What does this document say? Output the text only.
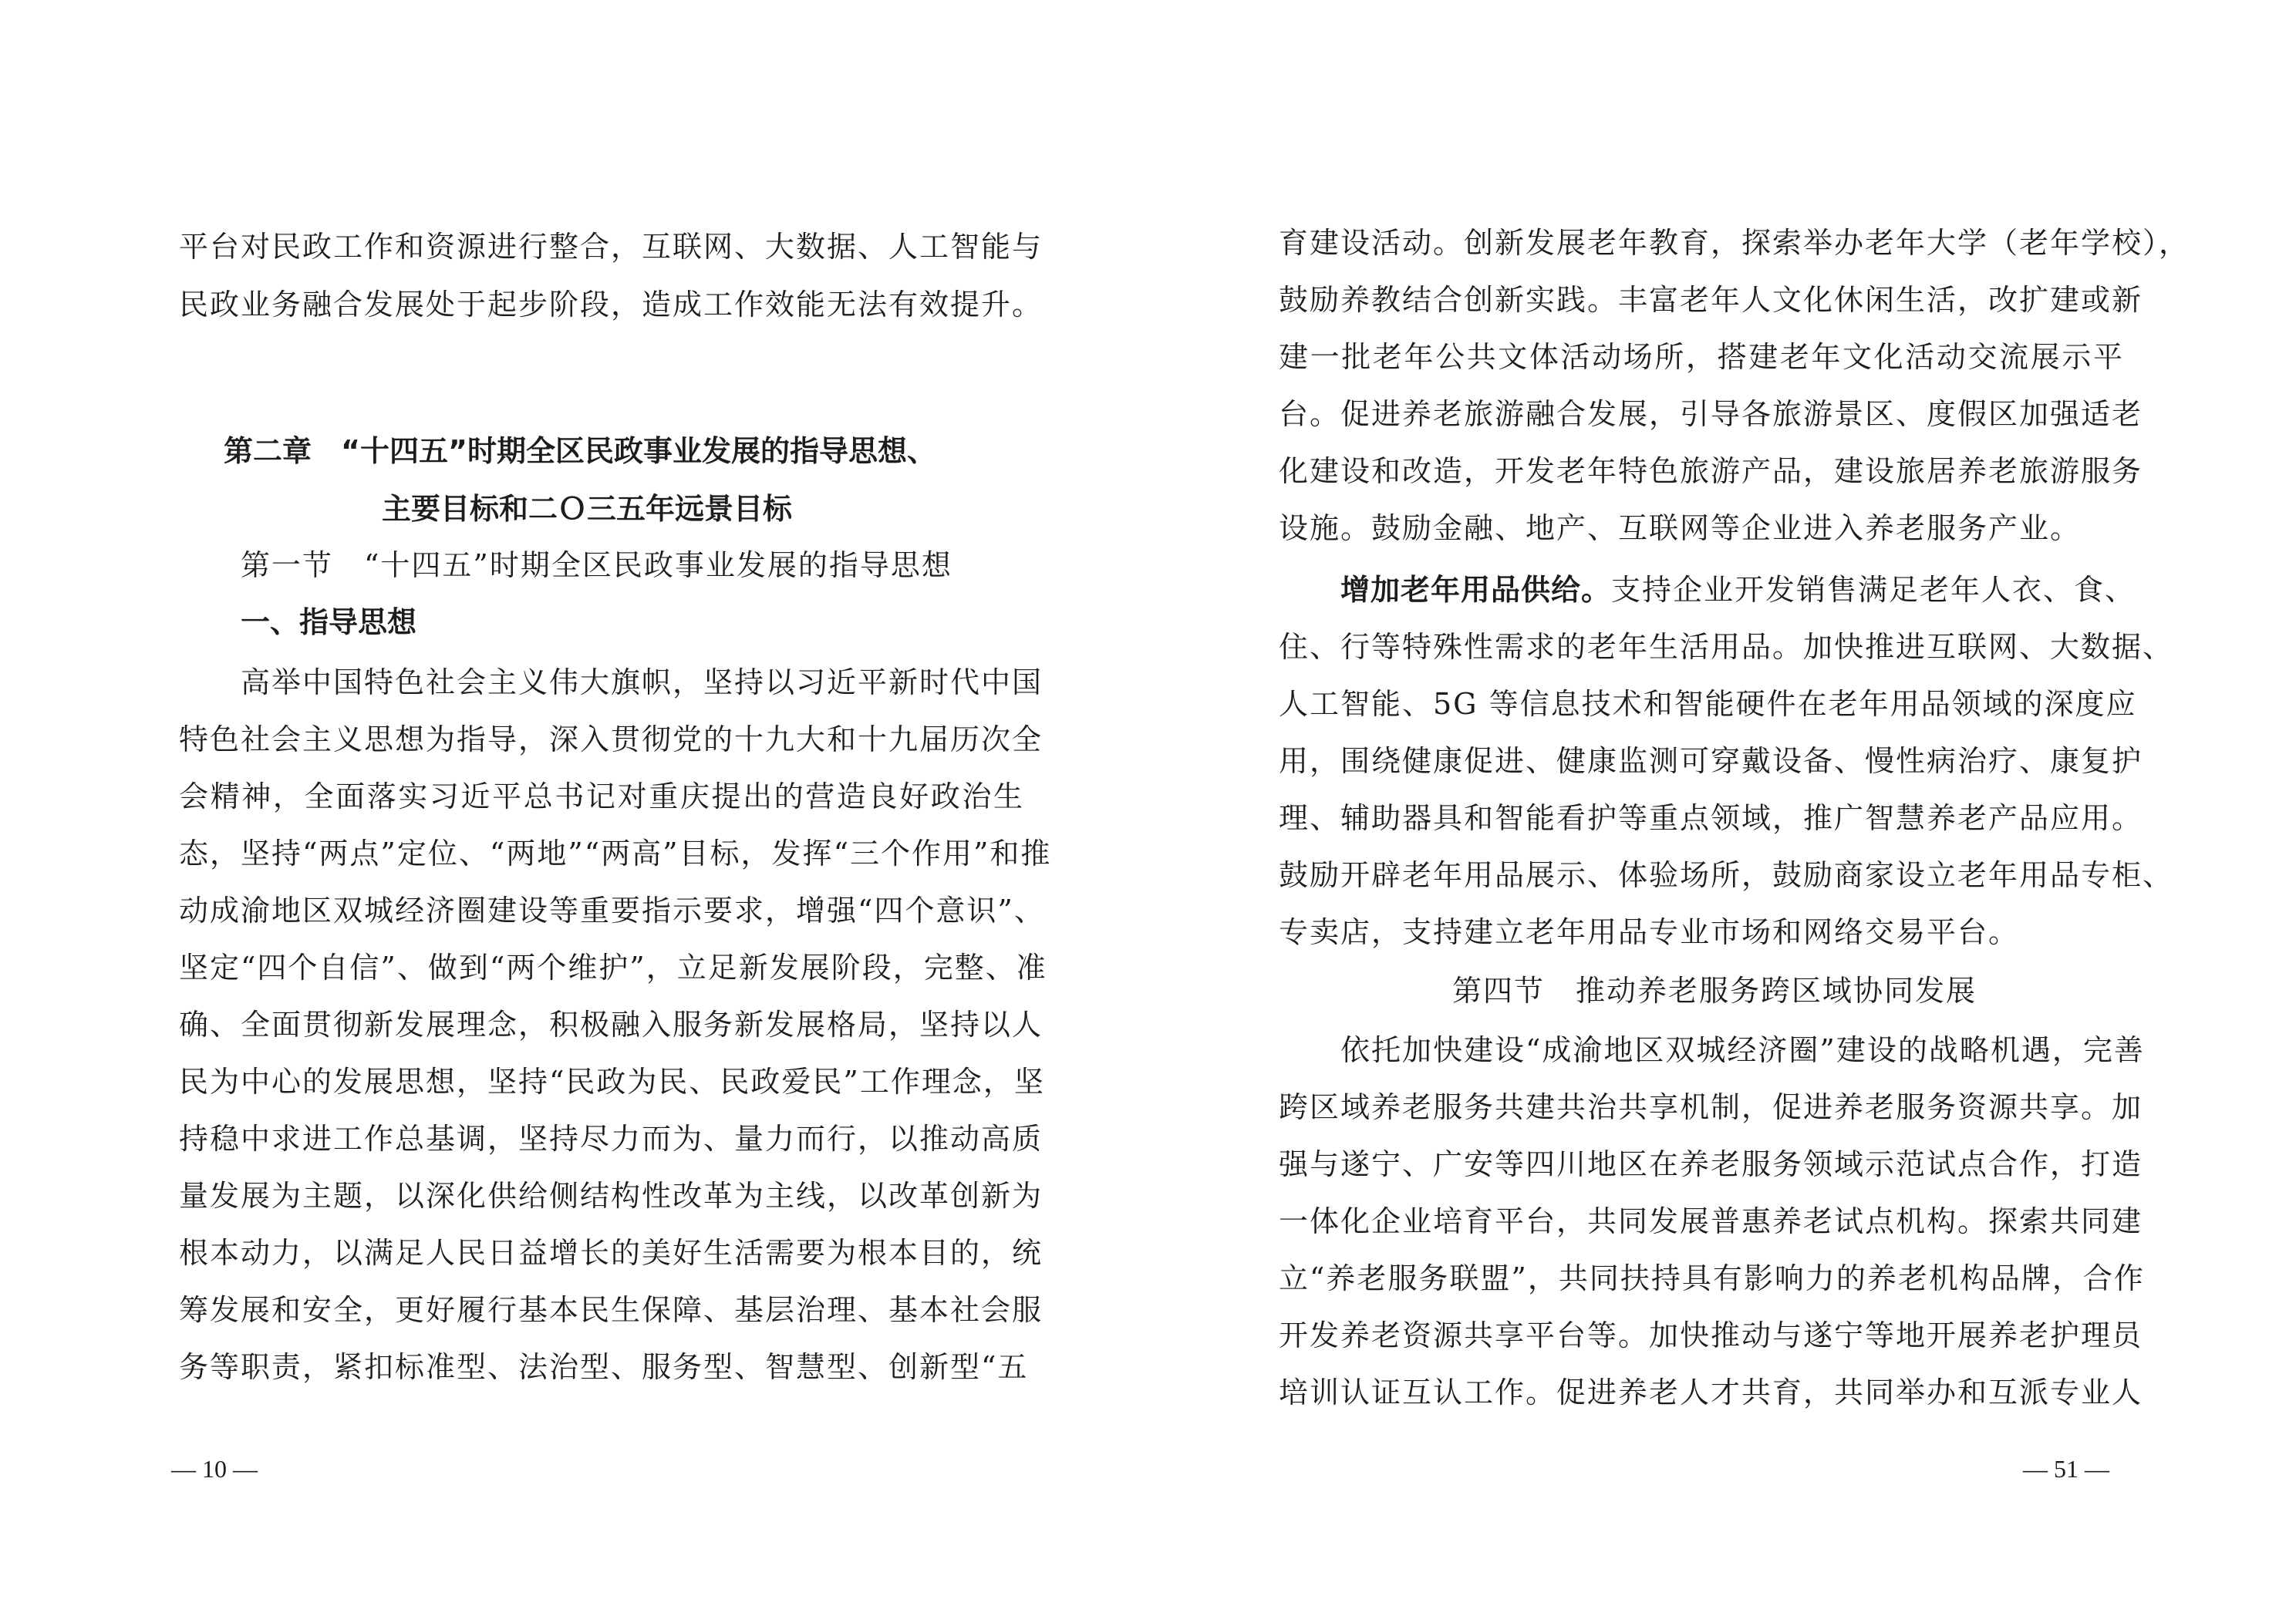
平台对民政工作和资源进行整合，互联网、大数据、人工智能与
民政业务融合发展处于起步阶段，造成工作效能无法有效提升。
第二章　“十四五”时期全区民政事业发展的指导思想、
主要目标和二Ｏ三五年远景目标
第一节　“十四五”时期全区民政事业发展的指导思想
一、指导思想
高举中国特色社会主义伟大旗帜，坚持以习近平新时代中国
特色社会主义思想为指导，深入贯彻党的十九大和十九届历次全
会精神，全面落实习近平总书记对重庆提出的营造良好政治生
态，坚持“两点”定位、“两地”“两高”目标，发挥“三个作用”和推
动成渝地区双城经济圈建设等重要指示要求，增强“四个意识”、
坚定“四个自信”、做到“两个维护”，立足新发展阶段，完整、准
确、全面贯彻新发展理念，积极融入服务新发展格局，坚持以人
民为中心的发展思想，坚持“民政为民、民政爱民”工作理念，坚
持稳中求进工作总基调，坚持尽力而为、量力而行，以推动高质
量发展为主题，以深化供给侧结构性改革为主线，以改革创新为
根本动力，以满足人民日益增长的美好生活需要为根本目的，统
筹发展和安全，更好履行基本民生保障、基层治理、基本社会服
务等职责，紧扣标准型、法治型、服务型、智慧型、创新型“五
— 10 —
育建设活动。创新发展老年教育，探索举办老年大学（老年学校），
鼓励养教结合创新实践。丰富老年人文化休闲生活，改扩建或新
建一批老年公共文体活动场所，搭建老年文化活动交流展示平
台。促进养老旅游融合发展，引导各旅游景区、度假区加强适老
化建设和改造，开发老年特色旅游产品，建设旅居养老旅游服务
设施。鼓励金融、地产、互联网等企业进入养老服务产业。
增加老年用品供给。支持企业开发销售满足老年人衣、食、
住、行等特殊性需求的老年生活用品。加快推进互联网、大数据、
人工智能、5G 等信息技术和智能硬件在老年用品领域的深度应
用，围绕健康促进、健康监测可穿戴设备、慢性病治疗、康复护
理、辅助器具和智能看护等重点领域，推广智慧养老产品应用。
鼓励开辟老年用品展示、体验场所，鼓励商家设立老年用品专柜、
专卖店，支持建立老年用品专业市场和网络交易平台。
第四节　推动养老服务跨区域协同发展
依托加快建设“成渝地区双城经济圈”建设的战略机遇，完善
跨区域养老服务共建共治共享机制，促进养老服务资源共享。加
强与遂宁、广安等四川地区在养老服务领域示范试点合作，打造
一体化企业培育平台，共同发展普惠养老试点机构。探索共同建
立“养老服务联盟”，共同扶持具有影响力的养老机构品牌，合作
开发养老资源共享平台等。加快推动与遂宁等地开展养老护理员
培训认证互认工作。促进养老人才共育，共同举办和互派专业人
— 51 —
